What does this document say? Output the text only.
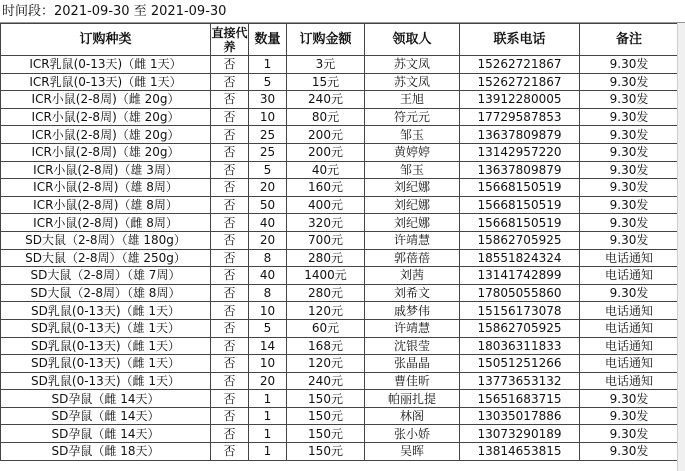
时间段：2021-09-30 至 2021-09-30
订购种类	直接代养	数量	订购金额	领取人	联系电话	备注
ICR乳鼠(0-13天)（雌 1天）	否	1	3元	苏文凤	15262721867	9.30发
ICR乳鼠(0-13天)（雌 1天）	否	5	15元	苏文凤	15262721867	9.30发
ICR小鼠(2-8周)（雌 20g）	否	30	240元	王旭	13912280005	9.30发
ICR小鼠(2-8周)（雄 20g）	否	10	80元	符元元	17729587853	9.30发
ICR小鼠(2-8周)（雄 20g）	否	25	200元	邹玉	13637809879	9.30发
ICR小鼠(2-8周)（雄 20g）	否	25	200元	黄婷婷	13142957220	9.30发
ICR小鼠(2-8周)（雄 3周）	否	5	40元	邹玉	13637809879	9.30发
ICR小鼠(2-8周)（雄 8周）	否	20	160元	刘纪娜	15668150519	9.30发
ICR小鼠(2-8周)（雄 8周）	否	50	400元	刘纪娜	15668150519	9.30发
ICR小鼠(2-8周)（雌 8周）	否	40	320元	刘纪娜	15668150519	9.30发
SD大鼠（2-8周）（雄 180g）	否	20	700元	许靖慧	15862705925	9.30发
SD大鼠（2-8周）（雄 250g）	否	8	280元	郭蓓蓓	18551824324	电话通知
SD大鼠（2-8周）（雄 7周）	否	40	1400元	刘茜	13141742899	电话通知
SD大鼠（2-8周）（雄 8周）	否	8	280元	刘希文	17805055860	9.30发
SD乳鼠(0-13天)（雌 1天）	否	10	120元	戚梦伟	15156173078	电话通知
SD乳鼠(0-13天)（雄 1天）	否	5	60元	许靖慧	15862705925	电话通知
SD乳鼠(0-13天)（雌 1天）	否	14	168元	沈银莹	18036311833	电话通知
SD乳鼠(0-13天)（雌 1天）	否	10	120元	张晶晶	15051251266	电话通知
SD乳鼠(0-13天)（雌 1天）	否	20	240元	曹佳昕	13773653132	电话通知
SD孕鼠（雌 14天）	否	1	150元	帕丽扎提	15651683715	9.30发
SD孕鼠（雌 14天）	否	1	150元	林阁	13035017886	9.30发
SD孕鼠（雌 14天）	否	1	150元	张小娇	13073290189	9.30发
SD孕鼠（雌 18天）	否	1	150元	吴晖	13814653815	9.30发
